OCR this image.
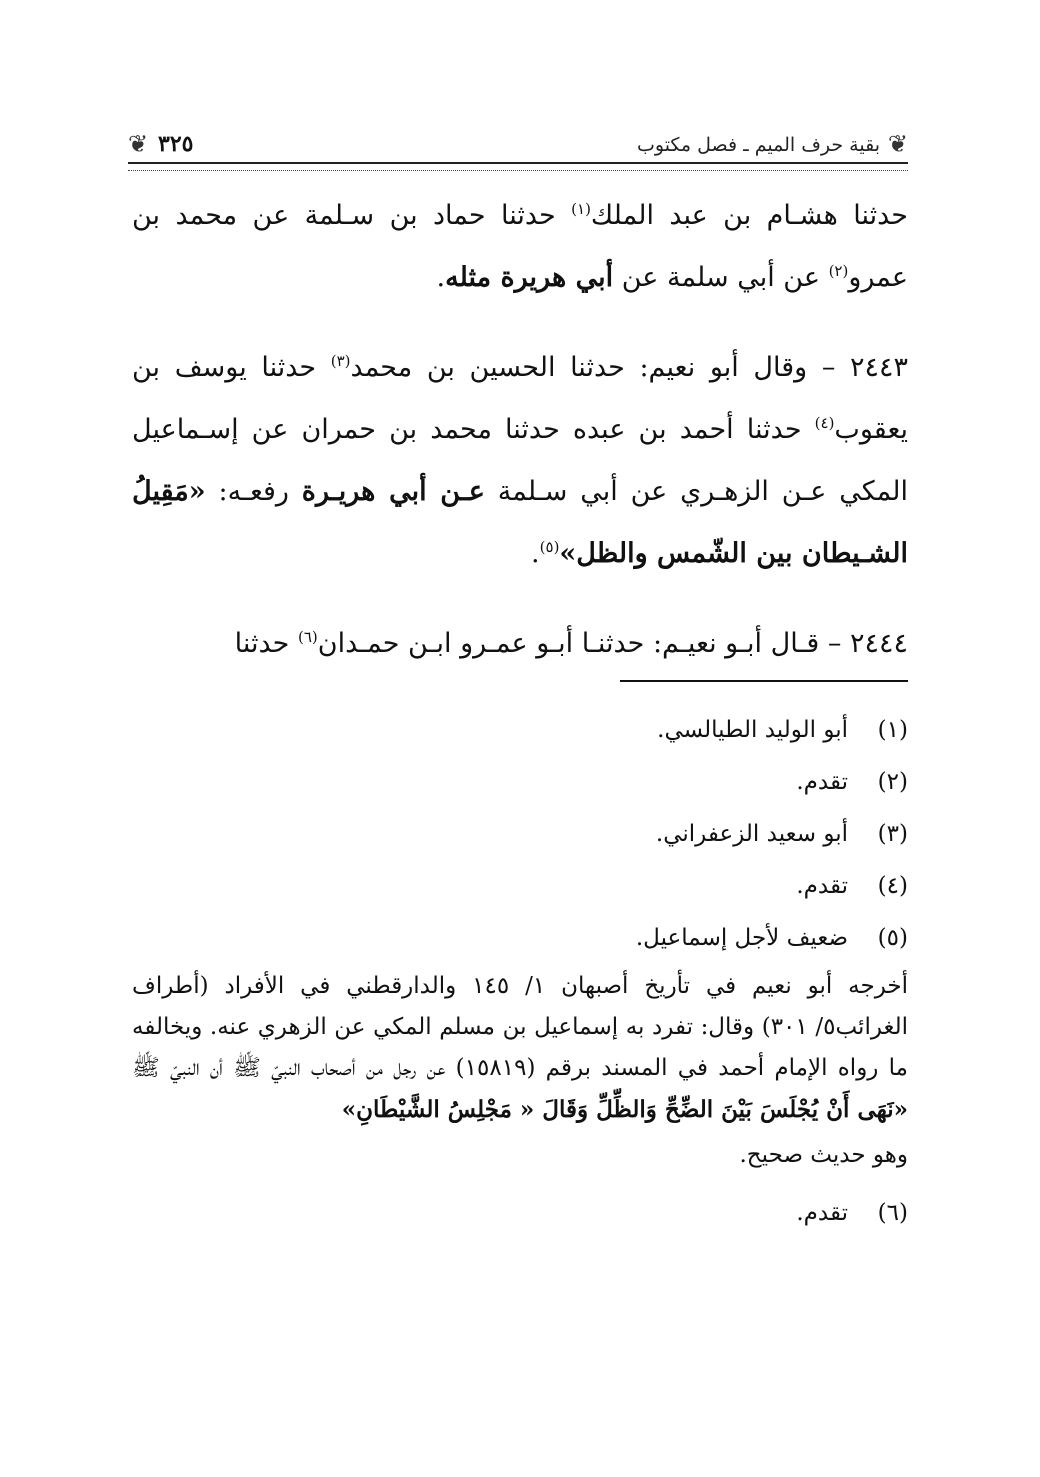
❦
بقية حرف الميم ـ فصل مكتوب
٣٢٥
❦

حدثنا هشـام بن عبد الملك$^{(١)}$ حدثنا حماد بن سـلمة عن محمد بن عمرو$^{(٢)}$ عن أبي سلمة عن أبي هريرة مثله.

٢٤٤٣ – وقال أبو نعيم: حدثنا الحسين بن محمد$^{(٣)}$ حدثنا يوسف بن يعقوب$^{(٤)}$ حدثنا أحمد بن عبده حدثنا محمد بن حمران عن إسـماعيل المكي عـن الزهـري عن أبي سـلمة عـن أبي هريـرة رفعـه: «مَقِيلُ الشـيطان بين الشّمس والظل»$^{(٥)}$.

٢٤٤٤ – قـال أبـو نعيـم: حدثنـا أبـو عمـرو ابـن حمـدان$^{(٦)}$ حدثنا

(١)
أبو الوليد الطيالسي.
(٢)
تقدم.
(٣)
أبو سعيد الزعفراني.
(٤)
تقدم.
(٥)
ضعيف لأجل إسماعيل.

أخرجه أبو نعيم في تأريخ أصبهان ١/ ١٤٥ والدارقطني في الأفراد (أطراف الغرائب٥/ ٣٠١) وقال: تفرد به إسماعيل بن مسلم المكي عن الزهري عنه. ويخالفه ما رواه الإمام أحمد في المسند برقم (١٥٨١٩) عن رجل من أصحاب النبيّ ﷺ أن النبيّ ﷺ «نَهَى أَنْ يُجْلَسَ بَيْنَ الضِّحِّ وَالظِّلِّ وَقَالَ « مَجْلِسُ الشَّيْطَانِ»

وهو حديث صحيح.
(٦)
تقدم.
